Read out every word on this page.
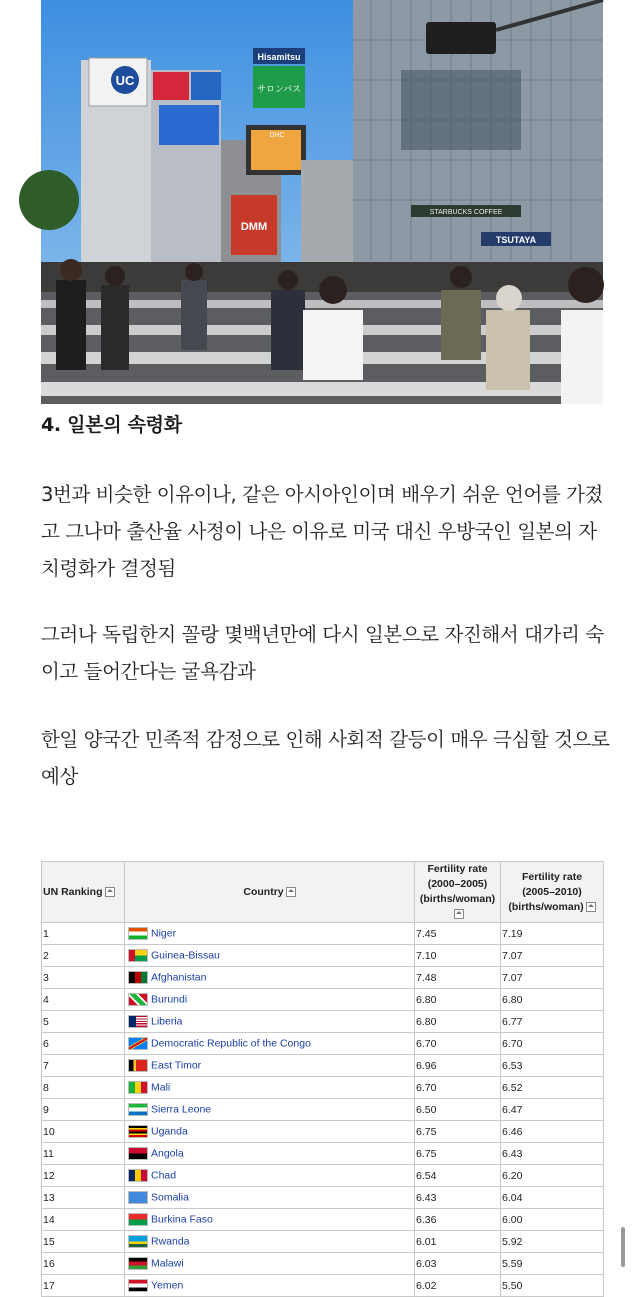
UC
DMM
DHC
Hisamitsu
サロンパス
STARBUCKS COFFEE
TSUTAYA
4. 일본의 속령화

3번과 비슷한 이유이나, 같은 아시아인이며 배우기 쉬운 언어를 가졌고 그나마 출산율 사정이 나은 이유로 미국 대신 우방국인 일본의 자치령화가 결정됨

그러나 독립한지 꼴랑 몇백년만에 다시 일본으로 자진해서 대가리 숙이고 들어간다는 굴욕감과

한일 양국간 민족적 감정으로 인해 사회적 갈등이 매우 극심할 것으로 예상

UN Ranking	Country	Fertility rate
(2000–2005)
(births/woman)	Fertility rate
(2005–2010)
(births/woman)
1	Niger	7.45	7.19
2	Guinea-Bissau	7.10	7.07
3	Afghanistan	7.48	7.07
4	Burundi	6.80	6.80
5	Liberia	6.80	6.77
6	Democratic Republic of the Congo	6.70	6.70
7	East Timor	6.96	6.53
8	Mali	6.70	6.52
9	Sierra Leone	6.50	6.47
10	Uganda	6.75	6.46
11	Angola	6.75	6.43
12	Chad	6.54	6.20
13	Somalia	6.43	6.04
14	Burkina Faso	6.36	6.00
15	Rwanda	6.01	5.92
16	Malawi	6.03	5.59
17	Yemen	6.02	5.50
